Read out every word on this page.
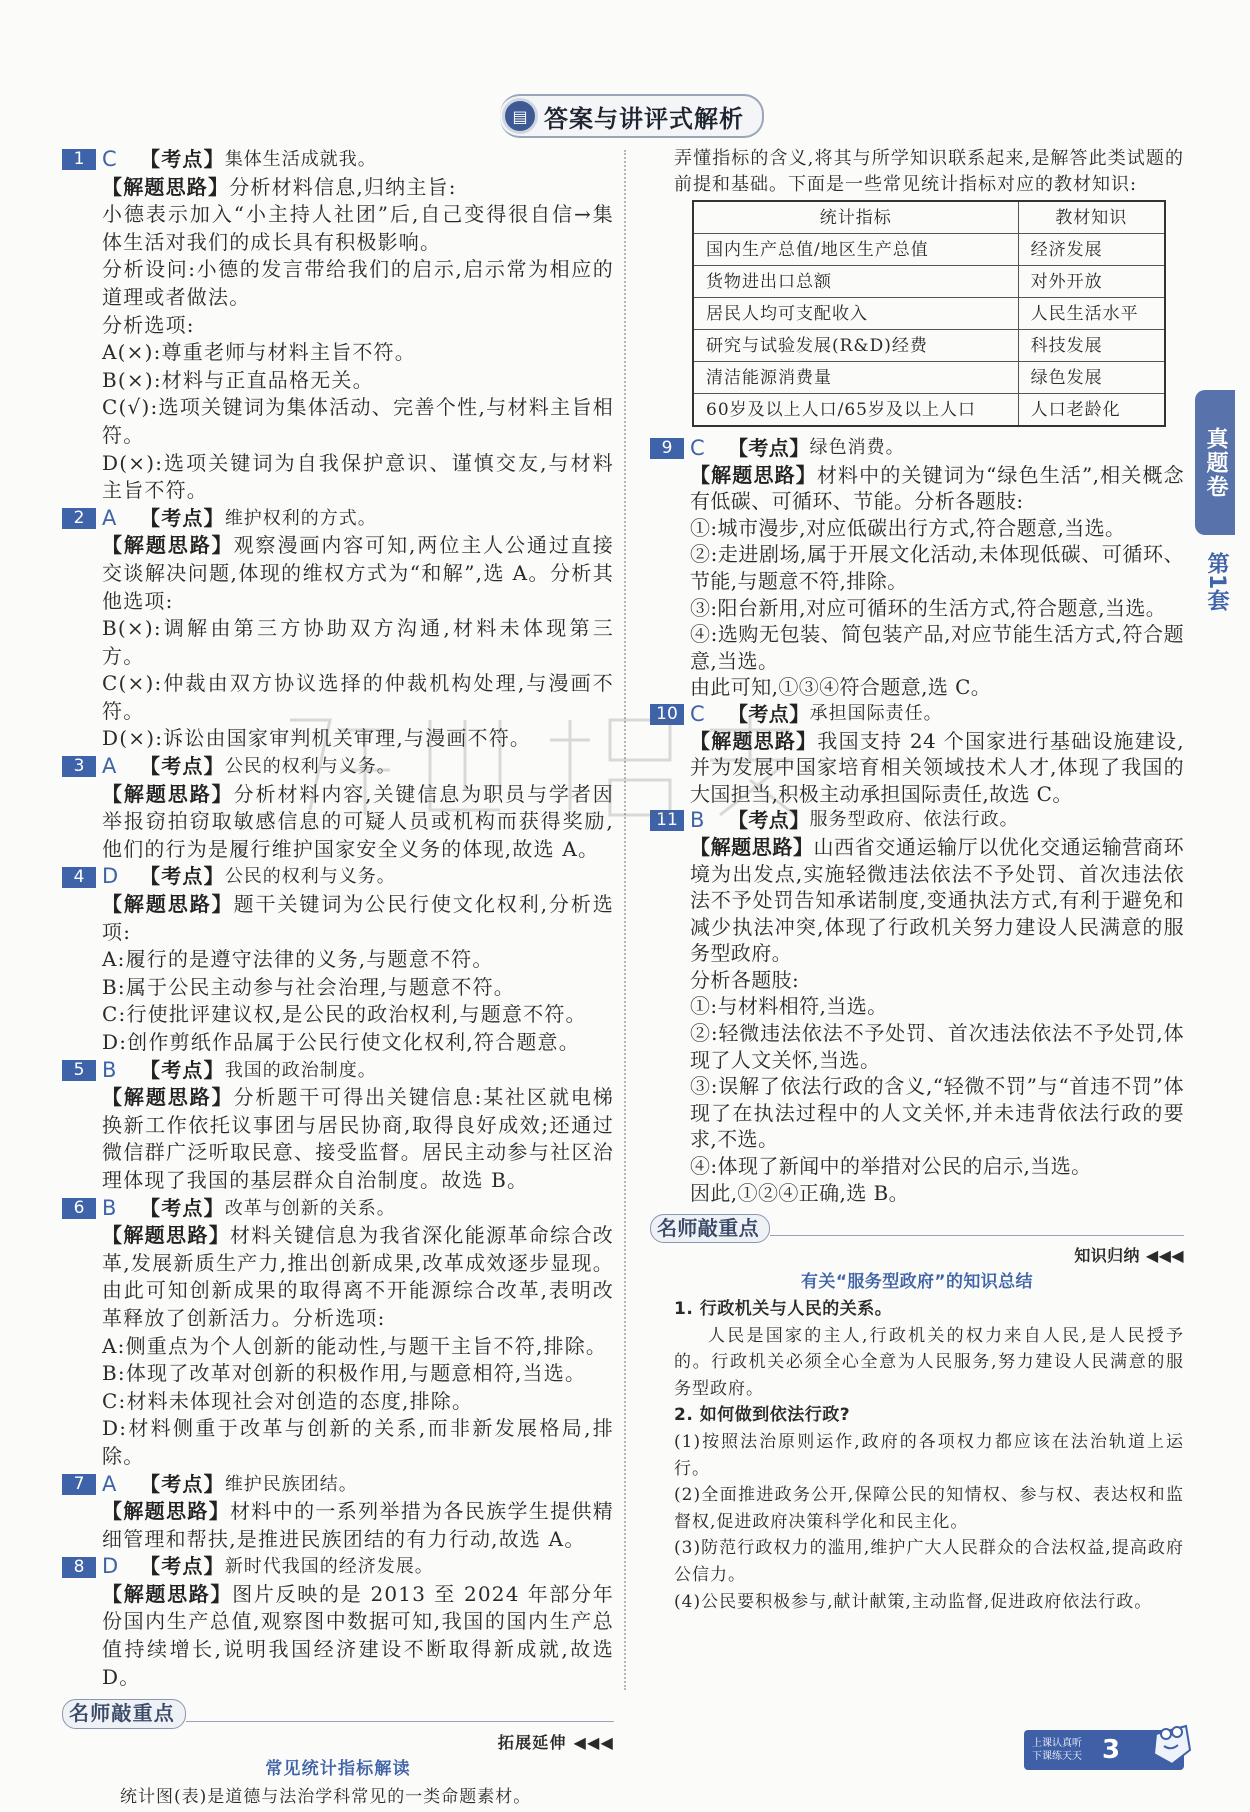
▤ 答案与讲评式解析
1 C	【考点】 集体生活成就我。

【解题思路】分析材料信息,归纳主旨:

小德表示加入“小主持人社团”后,自己变得很自信→集体生活对我们的成长具有积极影响。

分析设问:小德的发言带给我们的启示,启示常为相应的道理或者做法。

分析选项:

A(×):尊重老师与材料主旨不符。

B(×):材料与正直品格无关。

C(√):选项关键词为集体活动、完善个性,与材料主旨相符。

D(×):选项关键词为自我保护意识、谨慎交友,与材料主旨不符。

2 A	【考点】 维护权利的方式。

【解题思路】观察漫画内容可知,两位主人公通过直接交谈解决问题,体现的维权方式为“和解”,选 A。分析其他选项:

B(×):调解由第三方协助双方沟通,材料未体现第三方。

C(×):仲裁由双方协议选择的仲裁机构处理,与漫画不符。

D(×):诉讼由国家审判机关审理,与漫画不符。

3 A	【考点】 公民的权利与义务。

【解题思路】分析材料内容,关键信息为职员与学者因举报窃拍窃取敏感信息的可疑人员或机构而获得奖励,他们的行为是履行维护国家安全义务的体现,故选 A。

4 D	【考点】 公民的权利与义务。

【解题思路】题干关键词为公民行使文化权利,分析选项:

A:履行的是遵守法律的义务,与题意不符。

B:属于公民主动参与社会治理,与题意不符。

C:行使批评建议权,是公民的政治权利,与题意不符。

D:创作剪纸作品属于公民行使文化权利,符合题意。

5 B	【考点】 我国的政治制度。

【解题思路】分析题干可得出关键信息:某社区就电梯换新工作依托议事团与居民协商,取得良好成效;还通过微信群广泛听取民意、接受监督。居民主动参与社区治理体现了我国的基层群众自治制度。故选 B。

6 B	【考点】 改革与创新的关系。

【解题思路】材料关键信息为我省深化能源革命综合改革,发展新质生产力,推出创新成果,改革成效逐步显现。由此可知创新成果的取得离不开能源综合改革,表明改革释放了创新活力。分析选项:

A:侧重点为个人创新的能动性,与题干主旨不符,排除。

B:体现了改革对创新的积极作用,与题意相符,当选。

C:材料未体现社会对创造的态度,排除。

D:材料侧重于改革与创新的关系,而非新发展格局,排除。

7 A	【考点】 维护民族团结。

【解题思路】材料中的一系列举措为各民族学生提供精细管理和帮扶,是推进民族团结的有力行动,故选 A。

8 D	【考点】 新时代我国的经济发展。

【解题思路】图片反映的是 2013 至 2024 年部分年份国内生产总值,观察图中数据可知,我国的国内生产总值持续增长,说明我国经济建设不断取得新成就,故选 D。

名师敲重点
拓展延伸 ◀◀◀
常见统计指标解读

统计图(表)是道德与法治学科常见的一类命题素材。

弄懂指标的含义,将其与所学知识联系起来,是解答此类试题的前提和基础。下面是一些常见统计指标对应的教材知识:

统计指标	教材知识
国内生产总值/地区生产总值	经济发展
货物进出口总额	对外开放
居民人均可支配收入	人民生活水平
研究与试验发展(R&D)经费	科技发展
清洁能源消费量	绿色发展
60岁及以上人口/65岁及以上人口	人口老龄化
9 C	【考点】 绿色消费。

【解题思路】材料中的关键词为“绿色生活”,相关概念有低碳、可循环、节能。分析各题肢:

①:城市漫步,对应低碳出行方式,符合题意,当选。

②:走进剧场,属于开展文化活动,未体现低碳、可循环、节能,与题意不符,排除。

③:阳台新用,对应可循环的生活方式,符合题意,当选。

④:选购无包装、简包装产品,对应节能生活方式,符合题意,当选。

由此可知,①③④符合题意,选 C。

10 C	【考点】 承担国际责任。

【解题思路】我国支持 24 个国家进行基础设施建设,并为发展中国家培育相关领域技术人才,体现了我国的大国担当,积极主动承担国际责任,故选 C。

11 B	【考点】 服务型政府、依法行政。

【解题思路】山西省交通运输厅以优化交通运输营商环境为出发点,实施轻微违法依法不予处罚、首次违法依法不予处罚告知承诺制度,变通执法方式,有利于避免和减少执法冲突,体现了行政机关努力建设人民满意的服务型政府。

分析各题肢:

①:与材料相符,当选。

②:轻微违法依法不予处罚、首次违法依法不予处罚,体现了人文关怀,当选。

③:误解了依法行政的含义,“轻微不罚”与“首违不罚”体现了在执法过程中的人文关怀,并未违背依法行政的要求,不选。

④:体现了新闻中的举措对公民的启示,当选。

因此,①②④正确,选 B。

名师敲重点
知识归纳 ◀◀◀
有关“服务型政府”的知识总结

1. 行政机关与人民的关系。

人民是国家的主人,行政机关的权力来自人民,是人民授予的。行政机关必须全心全意为人民服务,努力建设人民满意的服务型政府。

2. 如何做到依法行政?

(1)按照法治原则运作,政府的各项权力都应该在法治轨道上运行。

(2)全面推进政务公开,保障公民的知情权、参与权、表达权和监督权,促进政府决策科学化和民主化。

(3)防范行政权力的滥用,维护广大人民群众的合法权益,提高政府公信力。

(4)公民要积极参与,献计献策,主动监督,促进政府依法行政。

真题卷
第1套
上课认真听
下课练天天 3
